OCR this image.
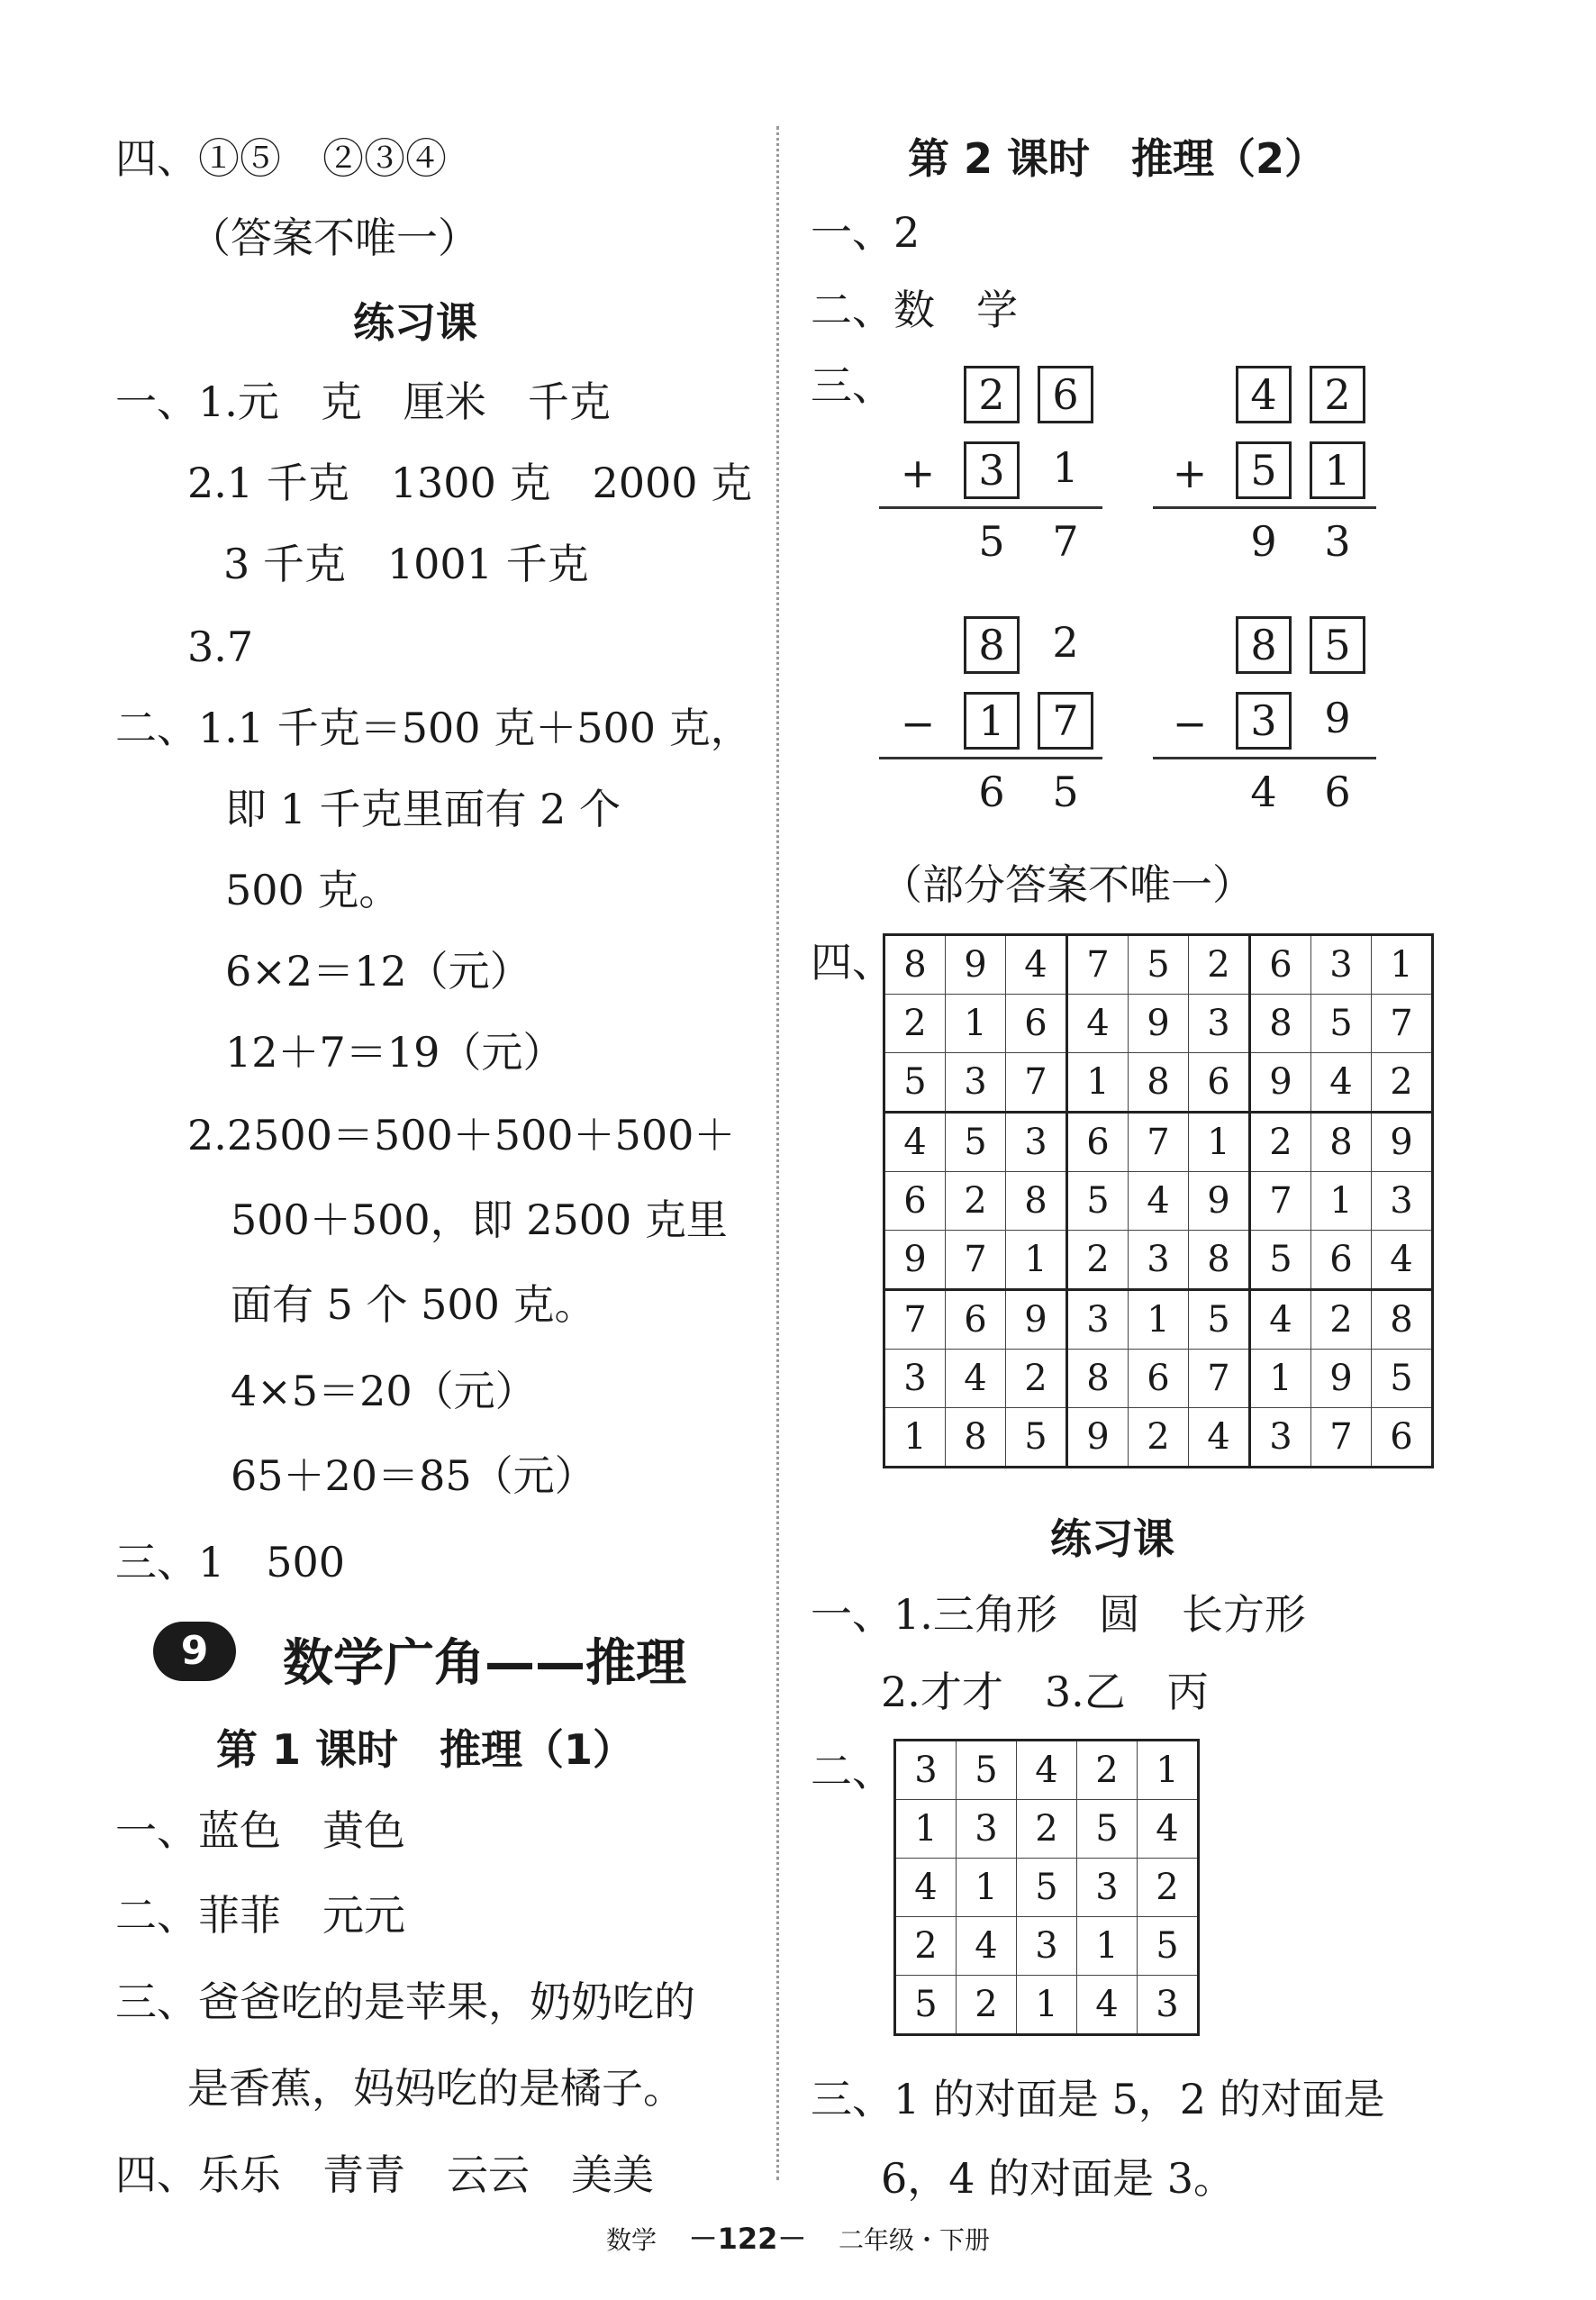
四、①⑤　②③④
（答案不唯一）
练习课
一、1.元　克　厘米　千克
2.1 千克　1300 克　2000 克
3 千克　1001 千克
3.7
二、1.1 千克＝500 克＋500 克，
即 1 千克里面有 2 个
500 克。
6×2＝12（元）
12＋7＝19（元）
2.2500＝500＋500＋500＋
500＋500，即 2500 克里
面有 5 个 500 克。
4×5＝20（元）
65＋20＝85（元）
三、1　500
9	数学广角——推理
第 1 课时　推理（1）
一、蓝色　黄色
二、菲菲　元元
三、爸爸吃的是苹果，奶奶吃的
是香蕉，妈妈吃的是橘子。
四、乐乐　青青　云云　美美
第 2 课时　推理（2）
一、2
二、数　学
三、	2	6
+	3	1
5	7
4	2
+	5	1
9	3
8	2
−	1	7
6	5
8	5
−	3	9
4	6
（部分答案不唯一）
四、 8	9	4	7	5	2	6	3	1
2	1	6	4	9	3	8	5	7
5	3	7	1	8	6	9	4	2
4	5	3	6	7	1	2	8	9
6	2	8	5	4	9	7	1	3
9	7	1	2	3	8	5	6	4
7	6	9	3	1	5	4	2	8
3	4	2	8	6	7	1	9	5
1	8	5	9	2	4	3	7	6
练习课
一、1.三角形　圆　长方形
2.才才　3.乙　丙
二、 3	5	4	2	1
1	3	2	5	4
4	1	5	3	2
2	4	3	1	5
5	2	1	4	3
三、1 的对面是 5，2 的对面是
6，4 的对面是 3。
数学 －122－ 二年级・下册
